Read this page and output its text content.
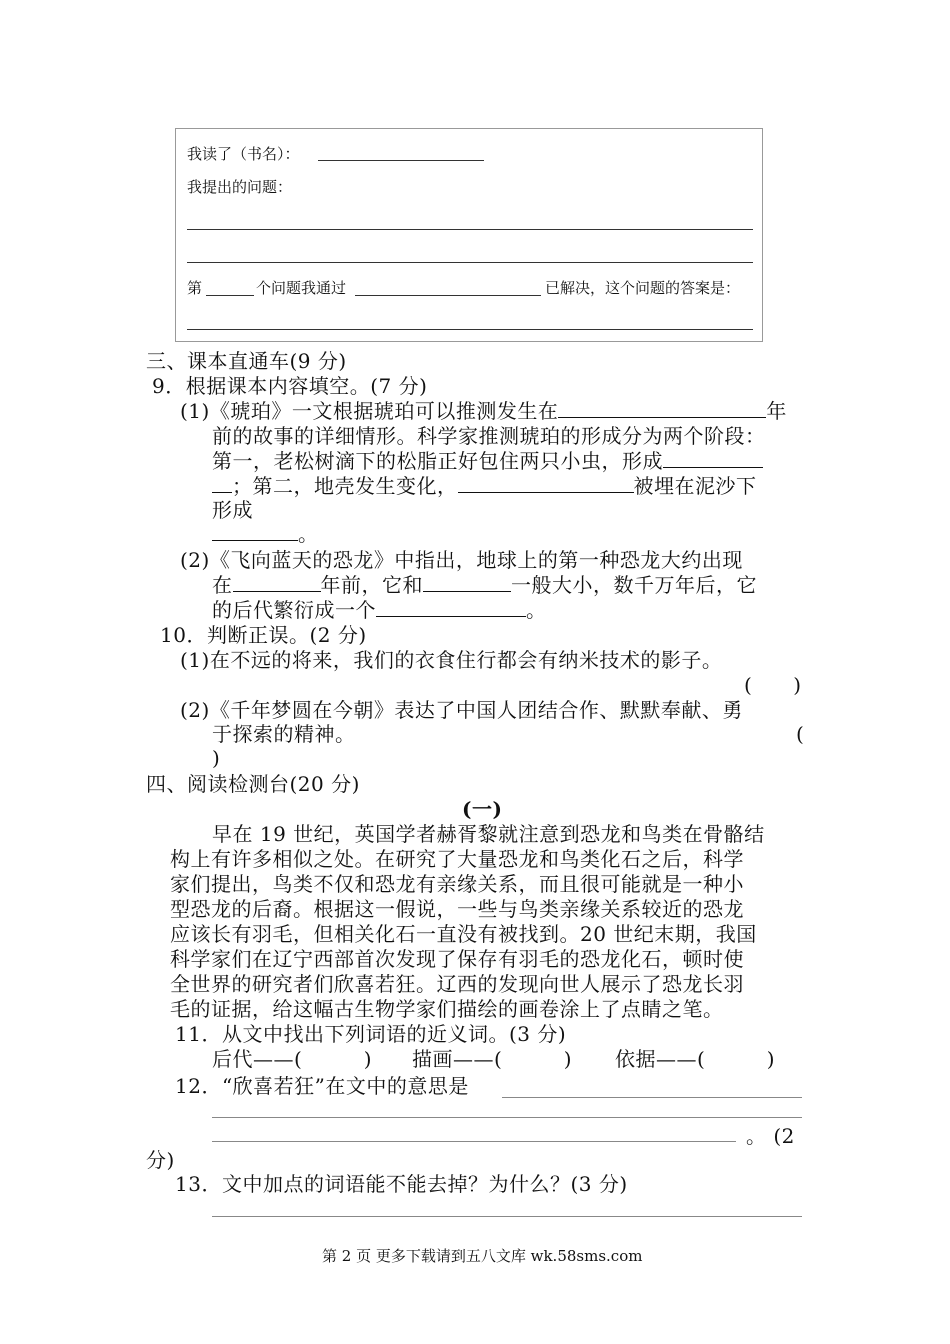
我读了（书名）：
我提出的问题：
第	个问题我通过	已解决，这个问题的答案是：
三、课本直通车(9 分)
9．根据课本内容填空。(7 分)
(1)《琥珀》一文根据琥珀可以推测发生在	年
前的故事的详细情形。科学家推测琥珀的形成分为两个阶段：
第一，老松树滴下的松脂正好包住两只小虫，形成
；第二，地壳发生变化，	被埋在泥沙下
形成
。
(2)《飞向蓝天的恐龙》中指出，地球上的第一种恐龙大约出现
在	年前，它和	一般大小，数千万年后，它
的后代繁衍成一个	。
10．判断正误。(2 分)
(1)在不远的将来，我们的衣食住行都会有纳米技术的影子。
(　　)
(2)《千年梦圆在今朝》表达了中国人团结合作、默默奉献、勇
于探索的精神。	(
)
四、阅读检测台(20 分)
(一)
早在 19 世纪，英国学者赫胥黎就注意到恐龙和鸟类在骨骼结
构上有许多相似之处。在研究了大量恐龙和鸟类化石之后，科学
家们提出，鸟类不仅和恐龙有亲缘关系，而且很可能就是一种小
型恐龙的后裔。根据这一假说，一些与鸟类亲缘关系较近的恐龙
应该长有羽毛，但相关化石一直没有被找到。20 世纪末期，我国
科学家们在辽宁西部首次发现了保存有羽毛的恐龙化石，顿时使
全世界的研究者们欣喜若狂。辽西的发现向世人展示了恐龙长羽
毛的证据，给这幅古生物学家们描绘的画卷涂上了点睛之笔。
11．从文中找出下列词语的近义词。(3 分)
后代——(　　　) 描画——(　　　) 依据——(　　　)
12．“欣喜若狂”在文中的意思是
。 (2
分)
13．文中加点的词语能不能去掉？为什么？(3 分)
第 2 页 更多下载请到五八文库 wk.58sms.com
